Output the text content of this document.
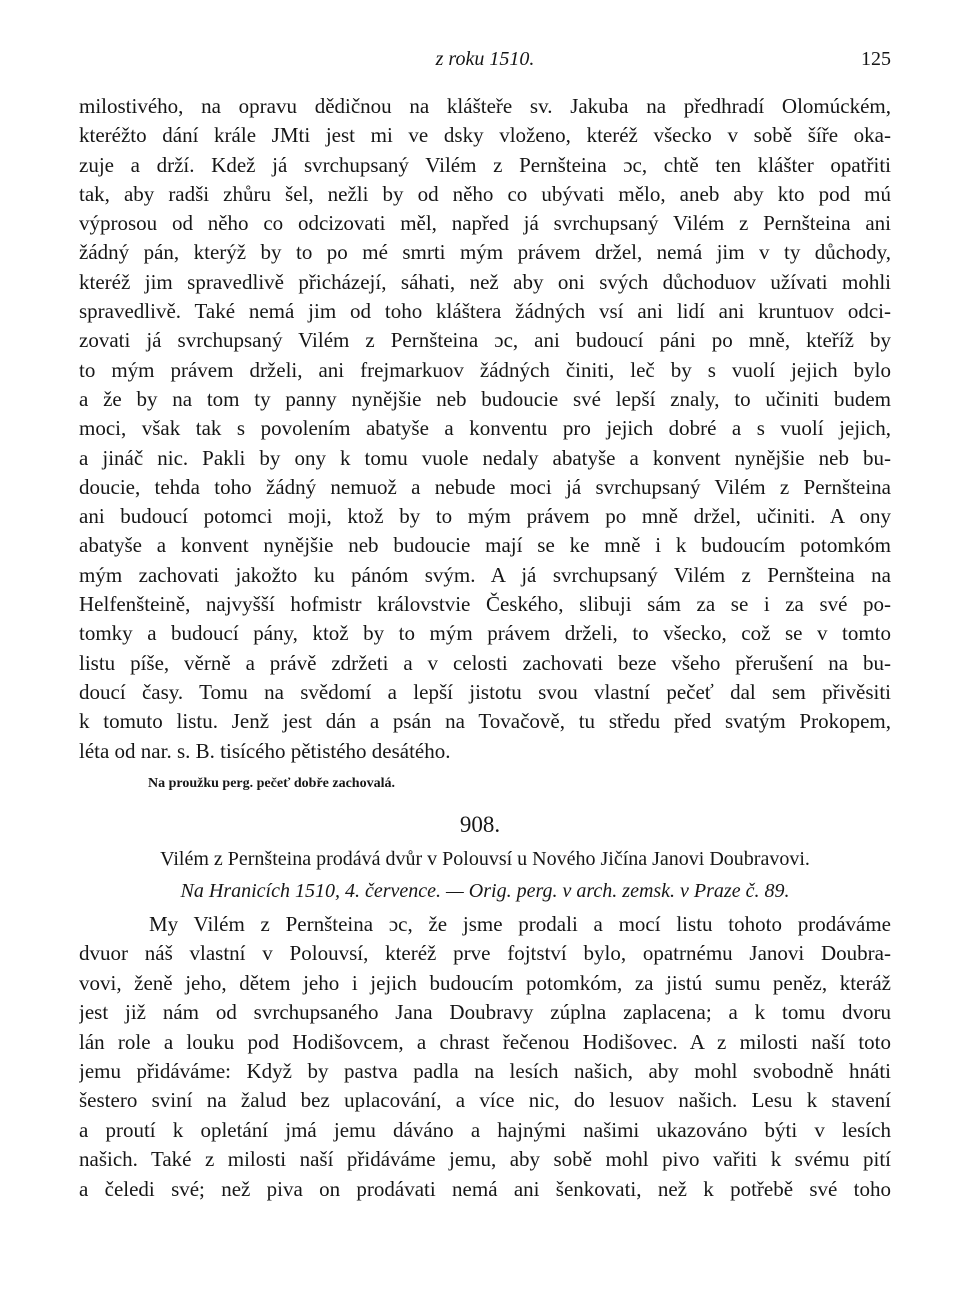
z roku 1510.	125
milostivého, na opravu dědičnou na klášteře sv. Jakuba na předhradí Olomúckém,
kteréžto dání krále JMti jest mi ve dsky vloženo, kteréž všecko v sobě šíře oka-
zuje a drží. Kdež já svrchupsaný Vilém z Pernšteina ɔc, chtě ten klášter opatřiti
tak, aby radši zhůru šel, nežli by od něho co ubývati mělo, aneb aby kto pod mú
výprosou od něho co odcizovati měl, napřed já svrchupsaný Vilém z Pernšteina ani
žádný pán, kterýž by to po mé smrti mým právem držel, nemá jim v ty důchody,
kteréž jim spravedlivě přicházejí, sáhati, než aby oni svých důchoduov užívati mohli
spravedlivě. Také nemá jim od toho kláštera žádných vsí ani lidí ani kruntuov odci-
zovati já svrchupsaný Vilém z Pernšteina ɔc, ani budoucí páni po mně, kteříž by
to mým právem drželi, ani frejmarkuov žádných činiti, leč by s vuolí jejich bylo
a že by na tom ty panny nynějšie neb budoucie své lepší znaly, to učiniti budem
moci, však tak s povolením abatyše a konventu pro jejich dobré a s vuolí jejich,
a jináč nic. Pakli by ony k tomu vuole nedaly abatyše a konvent nynějšie neb bu-
doucie, tehda toho žádný nemuož a nebude moci já svrchupsaný Vilém z Pernšteina
ani budoucí potomci moji, ktož by to mým právem po mně držel, učiniti. A ony
abatyše a konvent nynějšie neb budoucie mají se ke mně i k budoucím potomkóm
mým zachovati jakožto ku pánóm svým. A já svrchupsaný Vilém z Pernšteina na
Helfenšteině, najvyšší hofmistr královstvie Českého, slibuji sám za se i za své po-
tomky a budoucí pány, ktož by to mým právem drželi, to všecko, což se v tomto
listu píše, věrně a právě zdržeti a v celosti zachovati beze všeho přerušení na bu-
doucí časy. Tomu na svědomí a lepší jistotu svou vlastní pečeť dal sem přivěsiti
k tomuto listu. Jenž jest dán a psán na Tovačově, tu středu před svatým Prokopem,
léta od nar. s. B. tisícého pětistého desátého.
Na proužku perg. pečeť dobře zachovalá.
908.
Vilém z Pernšteina prodává dvůr v Polouvsí u Nového Jičína Janovi Doubravovi.
Na Hranicích 1510, 4. července. — Orig. perg. v arch. zemsk. v Praze č. 89.
My Vilém z Pernšteina ɔc, že jsme prodali a mocí listu tohoto prodáváme
dvuor náš vlastní v Polouvsí, kteréž prve fojtství bylo, opatrnému Janovi Doubra-
vovi, ženě jeho, dětem jeho i jejich budoucím potomkóm, za jistú sumu peněz, kteráž
jest již nám od svrchupsaného Jana Doubravy zúplna zaplacena; a k tomu dvoru
lán role a louku pod Hodišovcem, a chrast řečenou Hodišovec. A z milosti naší toto
jemu přidáváme: Když by pastva padla na lesích našich, aby mohl svobodně hnáti
šestero sviní na žalud bez uplacování, a více nic, do lesuov našich. Lesu k stavení
a proutí k opletání jmá jemu dáváno a hajnými našimi ukazováno býti v lesích
našich. Také z milosti naší přidáváme jemu, aby sobě mohl pivo vařiti k svému pití
a čeledi své; než piva on prodávati nemá ani šenkovati, než k potřebě své toho
